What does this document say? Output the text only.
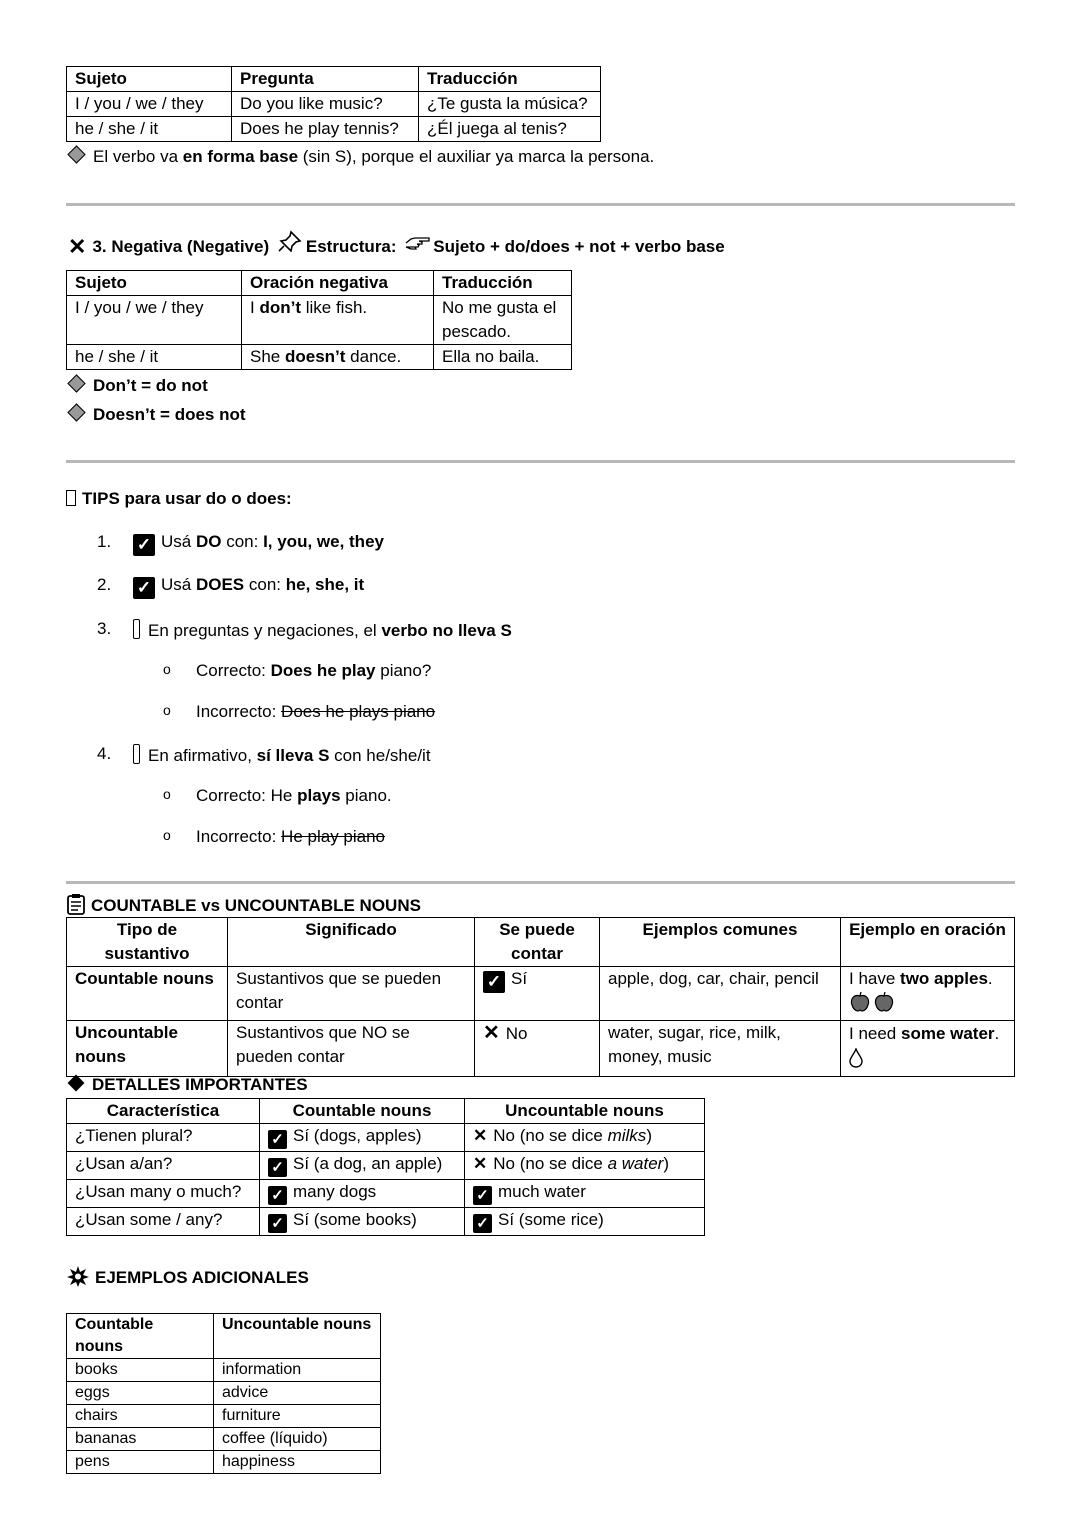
Sujeto	Pregunta	Traducción
I / you / we / they	Do you like music?	¿Te gusta la música?
he / she / it	Does he play tennis?	¿Él juega al tenis?
El verbo va en forma base (sin S), porque el auxiliar ya marca la persona.
✕ 3. Negativa (Negative) Estructura: Sujeto + do/does + not + verbo base
Sujeto	Oración negativa	Traducción
I / you / we / they	I don’t like fish.	No me gusta el pescado.
he / she / it	She doesn’t dance.	Ella no baila.
Don’t = do not
Doesn’t = does not
TIPS para usar do o does:
1. ✓ Usá DO con: I, you, we, they
2. ✓ Usá DOES con: he, she, it
3.	En preguntas y negaciones, el verbo no lleva S
o Correcto: Does he play piano?
o Incorrecto: Does he plays piano
4.	En afirmativo, sí lleva S con he/she/it
o Correcto: He plays piano.
o Incorrecto: He play piano
COUNTABLE vs UNCOUNTABLE NOUNS
Tipo de sustantivo	Significado	Se puede contar	Ejemplos comunes	Ejemplo en oración
Countable nouns	Sustantivos que se pueden contar	✓ Sí	apple, dog, car, chair, pencil	I have two apples.

Uncountable nouns	Sustantivos que NO se pueden contar	✕ No	water, sugar, rice, milk, money, music	I need some water.
DETALLES IMPORTANTES
Característica	Countable nouns	Uncountable nouns
¿Tienen plural?	✓ Sí (dogs, apples)	✕ No (no se dice milks)
¿Usan a/an?	✓ Sí (a dog, an apple)	✕ No (no se dice a water)
¿Usan many o much?	✓ many dogs	✓ much water
¿Usan some / any?	✓ Sí (some books)	✓ Sí (some rice)
EJEMPLOS ADICIONALES
Countable nouns	Uncountable nouns
books	information
eggs	advice
chairs	furniture
bananas	coffee (líquido)
pens	happiness
